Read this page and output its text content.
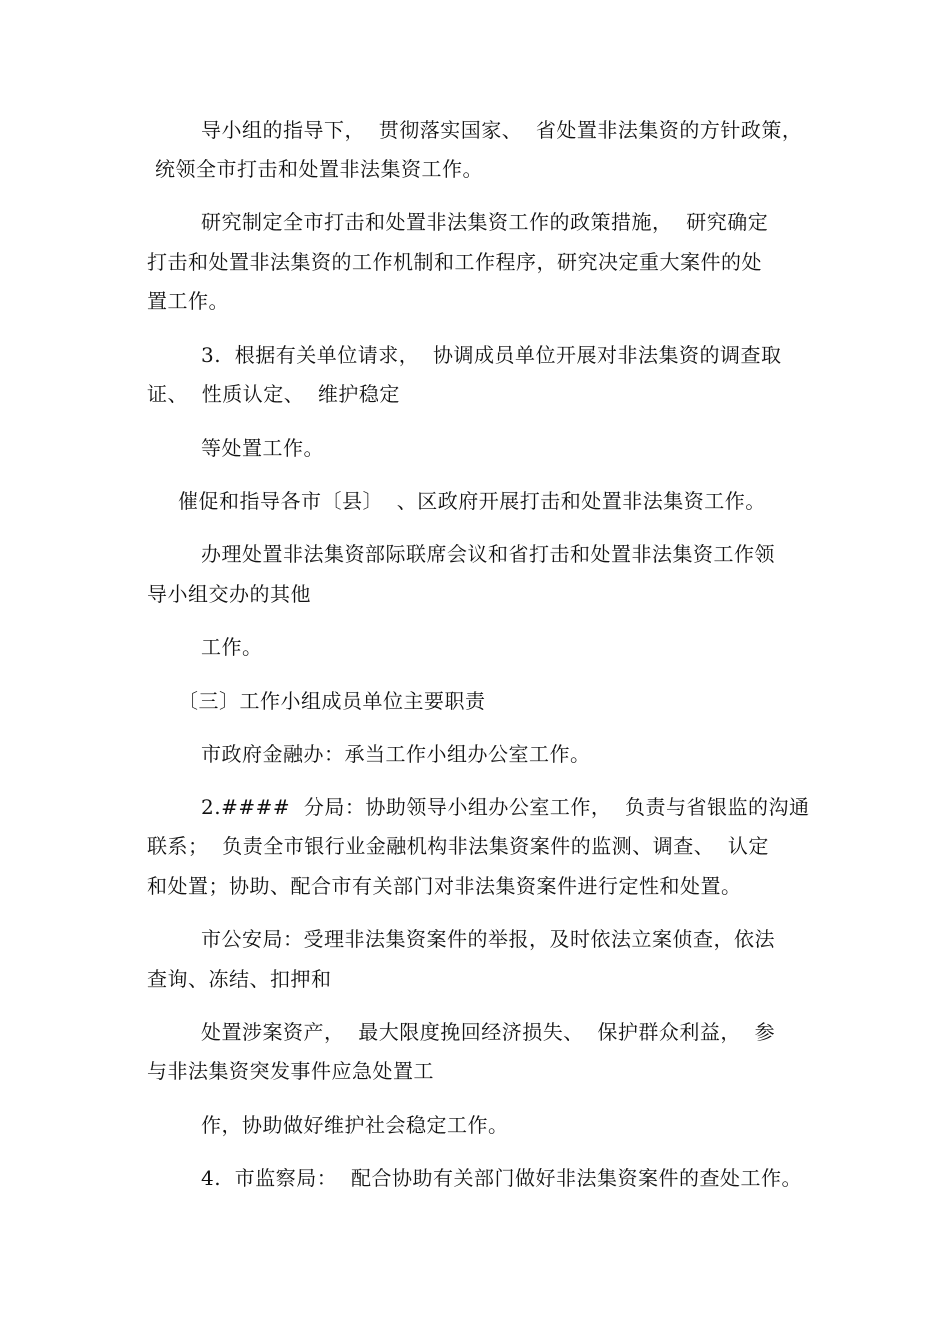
导小组的指导下，  贯彻落实国家、  省处置非法集资的方针政策，
统领全市打击和处置非法集资工作。
研究制定全市打击和处置非法集资工作的政策措施，  研究确定
打击和处置非法集资的工作机制和工作程序，研究决定重大案件的处
置工作。
3.  根据有关单位请求，  协调成员单位开展对非法集资的调查取
证、  性质认定、  维护稳定
等处置工作。
催促和指导各市〔县〕  、区政府开展打击和处置非法集资工作。
办理处置非法集资部际联席会议和省打击和处置非法集资工作领
导小组交办的其他
工作。
〔三〕工作小组成员单位主要职责
市政府金融办：承当工作小组办公室工作。
2.####  分局：协助领导小组办公室工作，  负责与省银监的沟通
联系；  负责全市银行业金融机构非法集资案件的监测、调查、  认定
和处置；协助、配合市有关部门对非法集资案件进行定性和处置。
市公安局：受理非法集资案件的举报，及时依法立案侦查，依法
查询、冻结、扣押和
处置涉案资产，  最大限度挽回经济损失、  保护群众利益，  参
与非法集资突发事件应急处置工
作，协助做好维护社会稳定工作。
4.  市监察局：  配合协助有关部门做好非法集资案件的查处工作。
